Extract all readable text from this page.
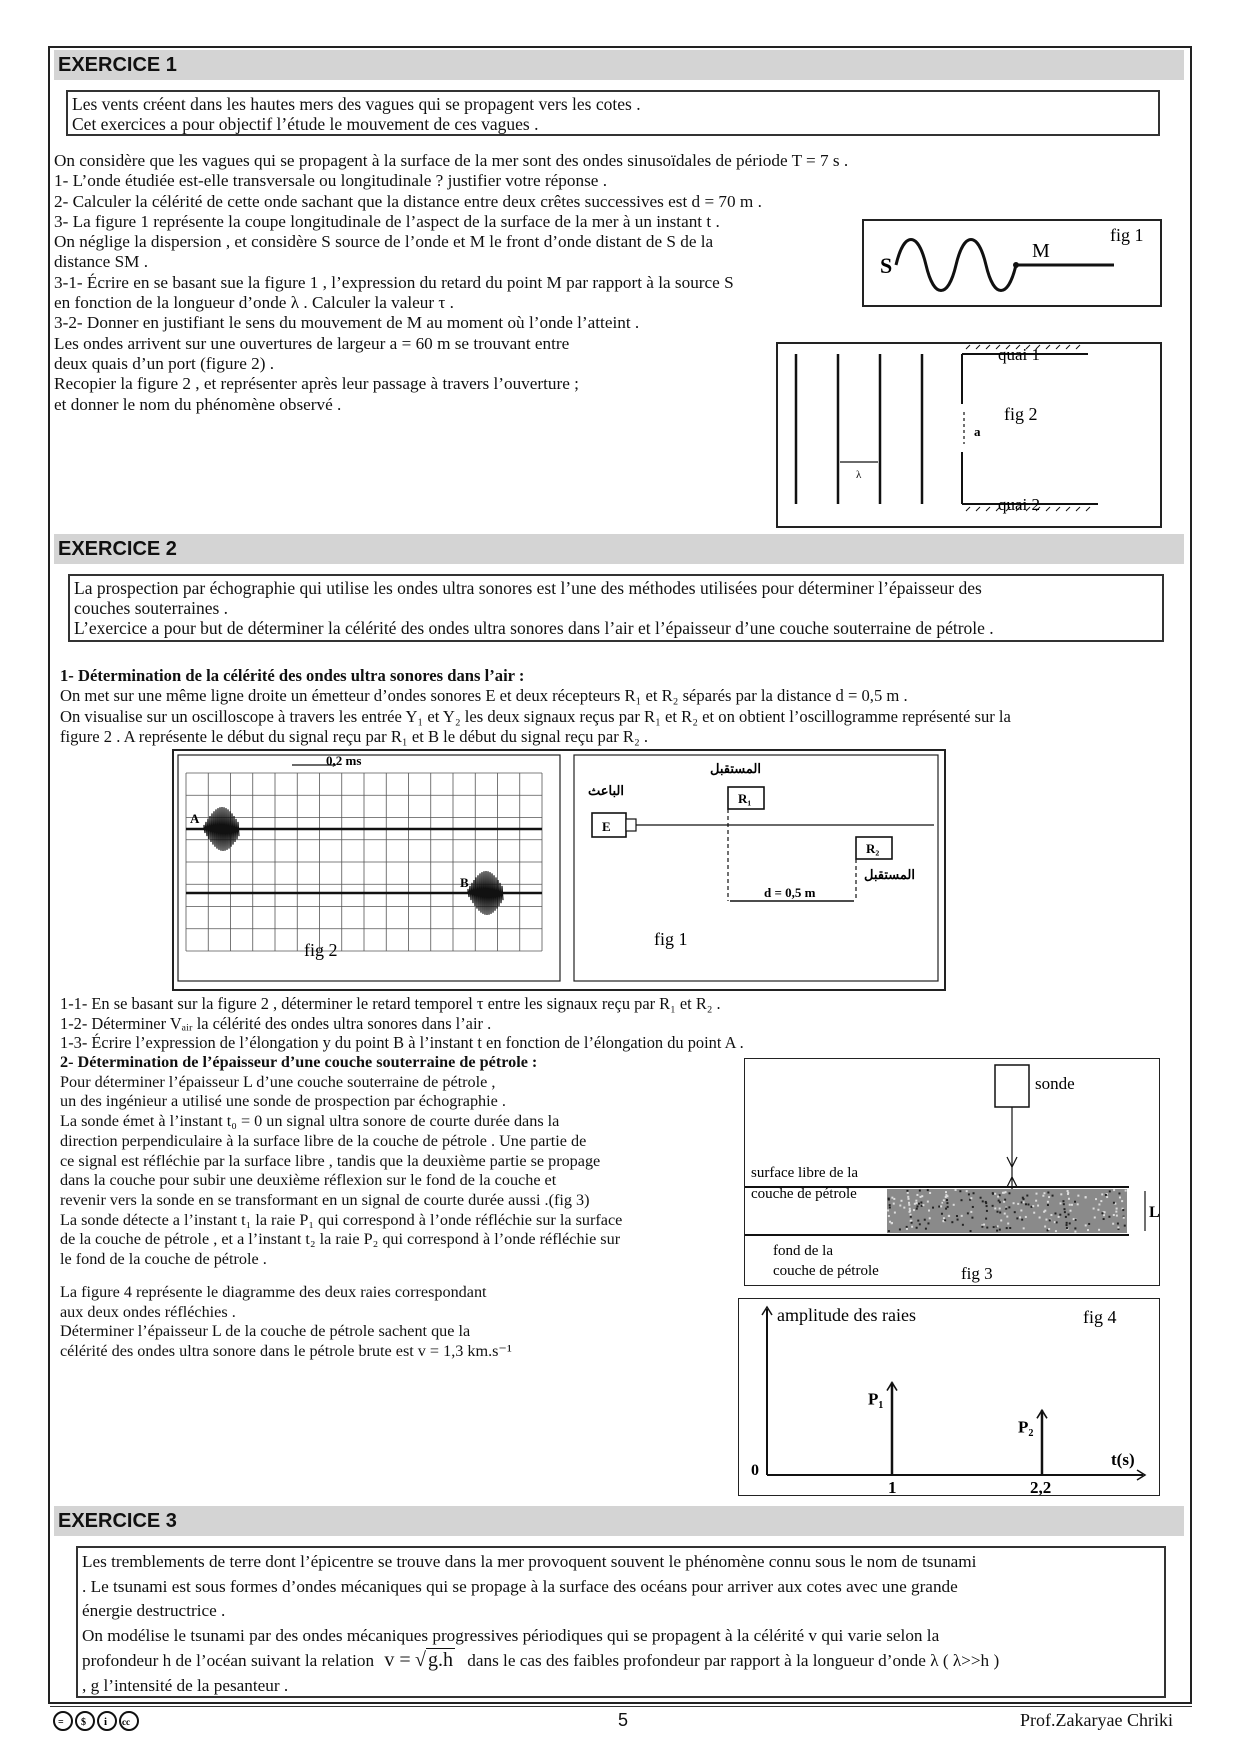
EXERCICE 1
Les vents créent dans les hautes mers des vagues qui se propagent vers les cotes .
Cet exercices a pour objectif l’étude le mouvement de ces vagues .
On considère que les vagues qui se propagent à la surface de la mer sont des ondes sinusoïdales de période T = 7 s .
1- L’onde étudiée est-elle transversale ou longitudinale ? justifier votre réponse .
2- Calculer la célérité de cette onde sachant que la distance entre deux crêtes successives est d = 70 m .
3- La figure 1 représente la coupe longitudinale de l’aspect de la surface de la mer à un instant t .
On néglige la dispersion , et considère S source de l’onde et M le front d’onde distant de S de la
distance SM .
3-1- Écrire en se basant sue la figure 1 , l’expression du retard du point M par rapport à la source S
en fonction de la longueur d’onde λ . Calculer la valeur τ .
3-2- Donner en justifiant le sens du mouvement de M au moment où l’onde l’atteint .
Les ondes arrivent sur une ouvertures de largeur a = 60 m se trouvant entre
deux quais d’un port (figure 2) .
Recopier la figure 2 , et représenter après leur passage à travers l’ouverture ;
et donner le nom du phénomène observé .
S
M
fig 1
λ
a
quai 1
fig 2
quai 2
EXERCICE 2
La prospection par échographie qui utilise les ondes ultra sonores est l’une des méthodes utilisées pour déterminer l’épaisseur des
couches souterraines .
L’exercice a pour but de déterminer la célérité des ondes ultra sonores dans l’air et l’épaisseur d’une couche souterraine de pétrole .
1- Détermination de la célérité des ondes ultra sonores dans l’air :
On met sur une même ligne droite un émetteur d’ondes sonores E et deux récepteurs R₁ et R₂ séparés par la distance d = 0,5 m .
On visualise sur un oscilloscope à travers les entrée Y₁ et Y₂ les deux signaux reçus par R₁ et R₂ et on obtient l’oscillogramme représenté sur la
figure 2 . A représente le début du signal reçu par R₁ et B le début du signal reçu par R₂ .
A
B
0,2 ms
fig 2
E
الباعث
R₁
المستقبل
R₂
المستقبل
d = 0,5 m
fig 1
1-1- En se basant sur la figure 2 , déterminer le retard temporel τ entre les signaux reçu par R₁ et R₂ .
1-2- Déterminer Vₐᵢᵣ la célérité des ondes ultra sonores dans l’air .
1-3- Écrire l’expression de l’élongation y du point B à l’instant t en fonction de l’élongation du point A .
2- Détermination de l’épaisseur d’une couche souterraine de pétrole :
Pour déterminer l’épaisseur L d’une couche souterraine de pétrole ,
un des ingénieur a utilisé une sonde de prospection par échographie .
La sonde émet à l’instant t₀ = 0 un signal ultra sonore de courte durée dans la
direction perpendiculaire à la surface libre de la couche de pétrole . Une partie de
ce signal est réfléchie par la surface libre , tandis que la deuxième partie se propage
dans la couche pour subir une deuxième réflexion sur le fond de la couche et
revenir vers la sonde en se transformant en un signal de courte durée aussi .(fig 3)
La sonde détecte a l’instant t₁ la raie P₁ qui correspond à l’onde réfléchie sur la surface
de la couche de pétrole , et a l’instant t₂ la raie P₂ qui correspond à l’onde réfléchie sur
le fond de la couche de pétrole .
La figure 4 représente le diagramme des deux raies correspondant
aux deux ondes réfléchies .
Déterminer l’épaisseur L de la couche de pétrole sachent que la
célérité des ondes ultra sonore dans le pétrole brute est v = 1,3 km.s⁻¹
sonde
L
surface libre de la
couche de pétrole
fond de la
couche de pétrole	fig 3
amplitude des raies	fig 4
t(s)
0
P₁
P₂
1	2,2
EXERCICE 3
Les tremblements de terre dont l’épicentre se trouve dans la mer provoquent souvent le phénomène connu sous le nom de tsunami
. Le tsunami est sous formes d’ondes mécaniques qui se propage à la surface des océans pour arriver aux cotes avec une grande
énergie destructrice .
On modélise le tsunami par des ondes mécaniques progressives périodiques qui se propagent à la célérité v qui varie selon la
profondeur h de l’océan suivant la relation v = √ g.h dans le cas des faibles profondeur par rapport à la longueur d’onde λ ( λ>>h )
, g l’intensité de la pesanteur .
= $ i cc	5	Prof.Zakaryae Chriki
